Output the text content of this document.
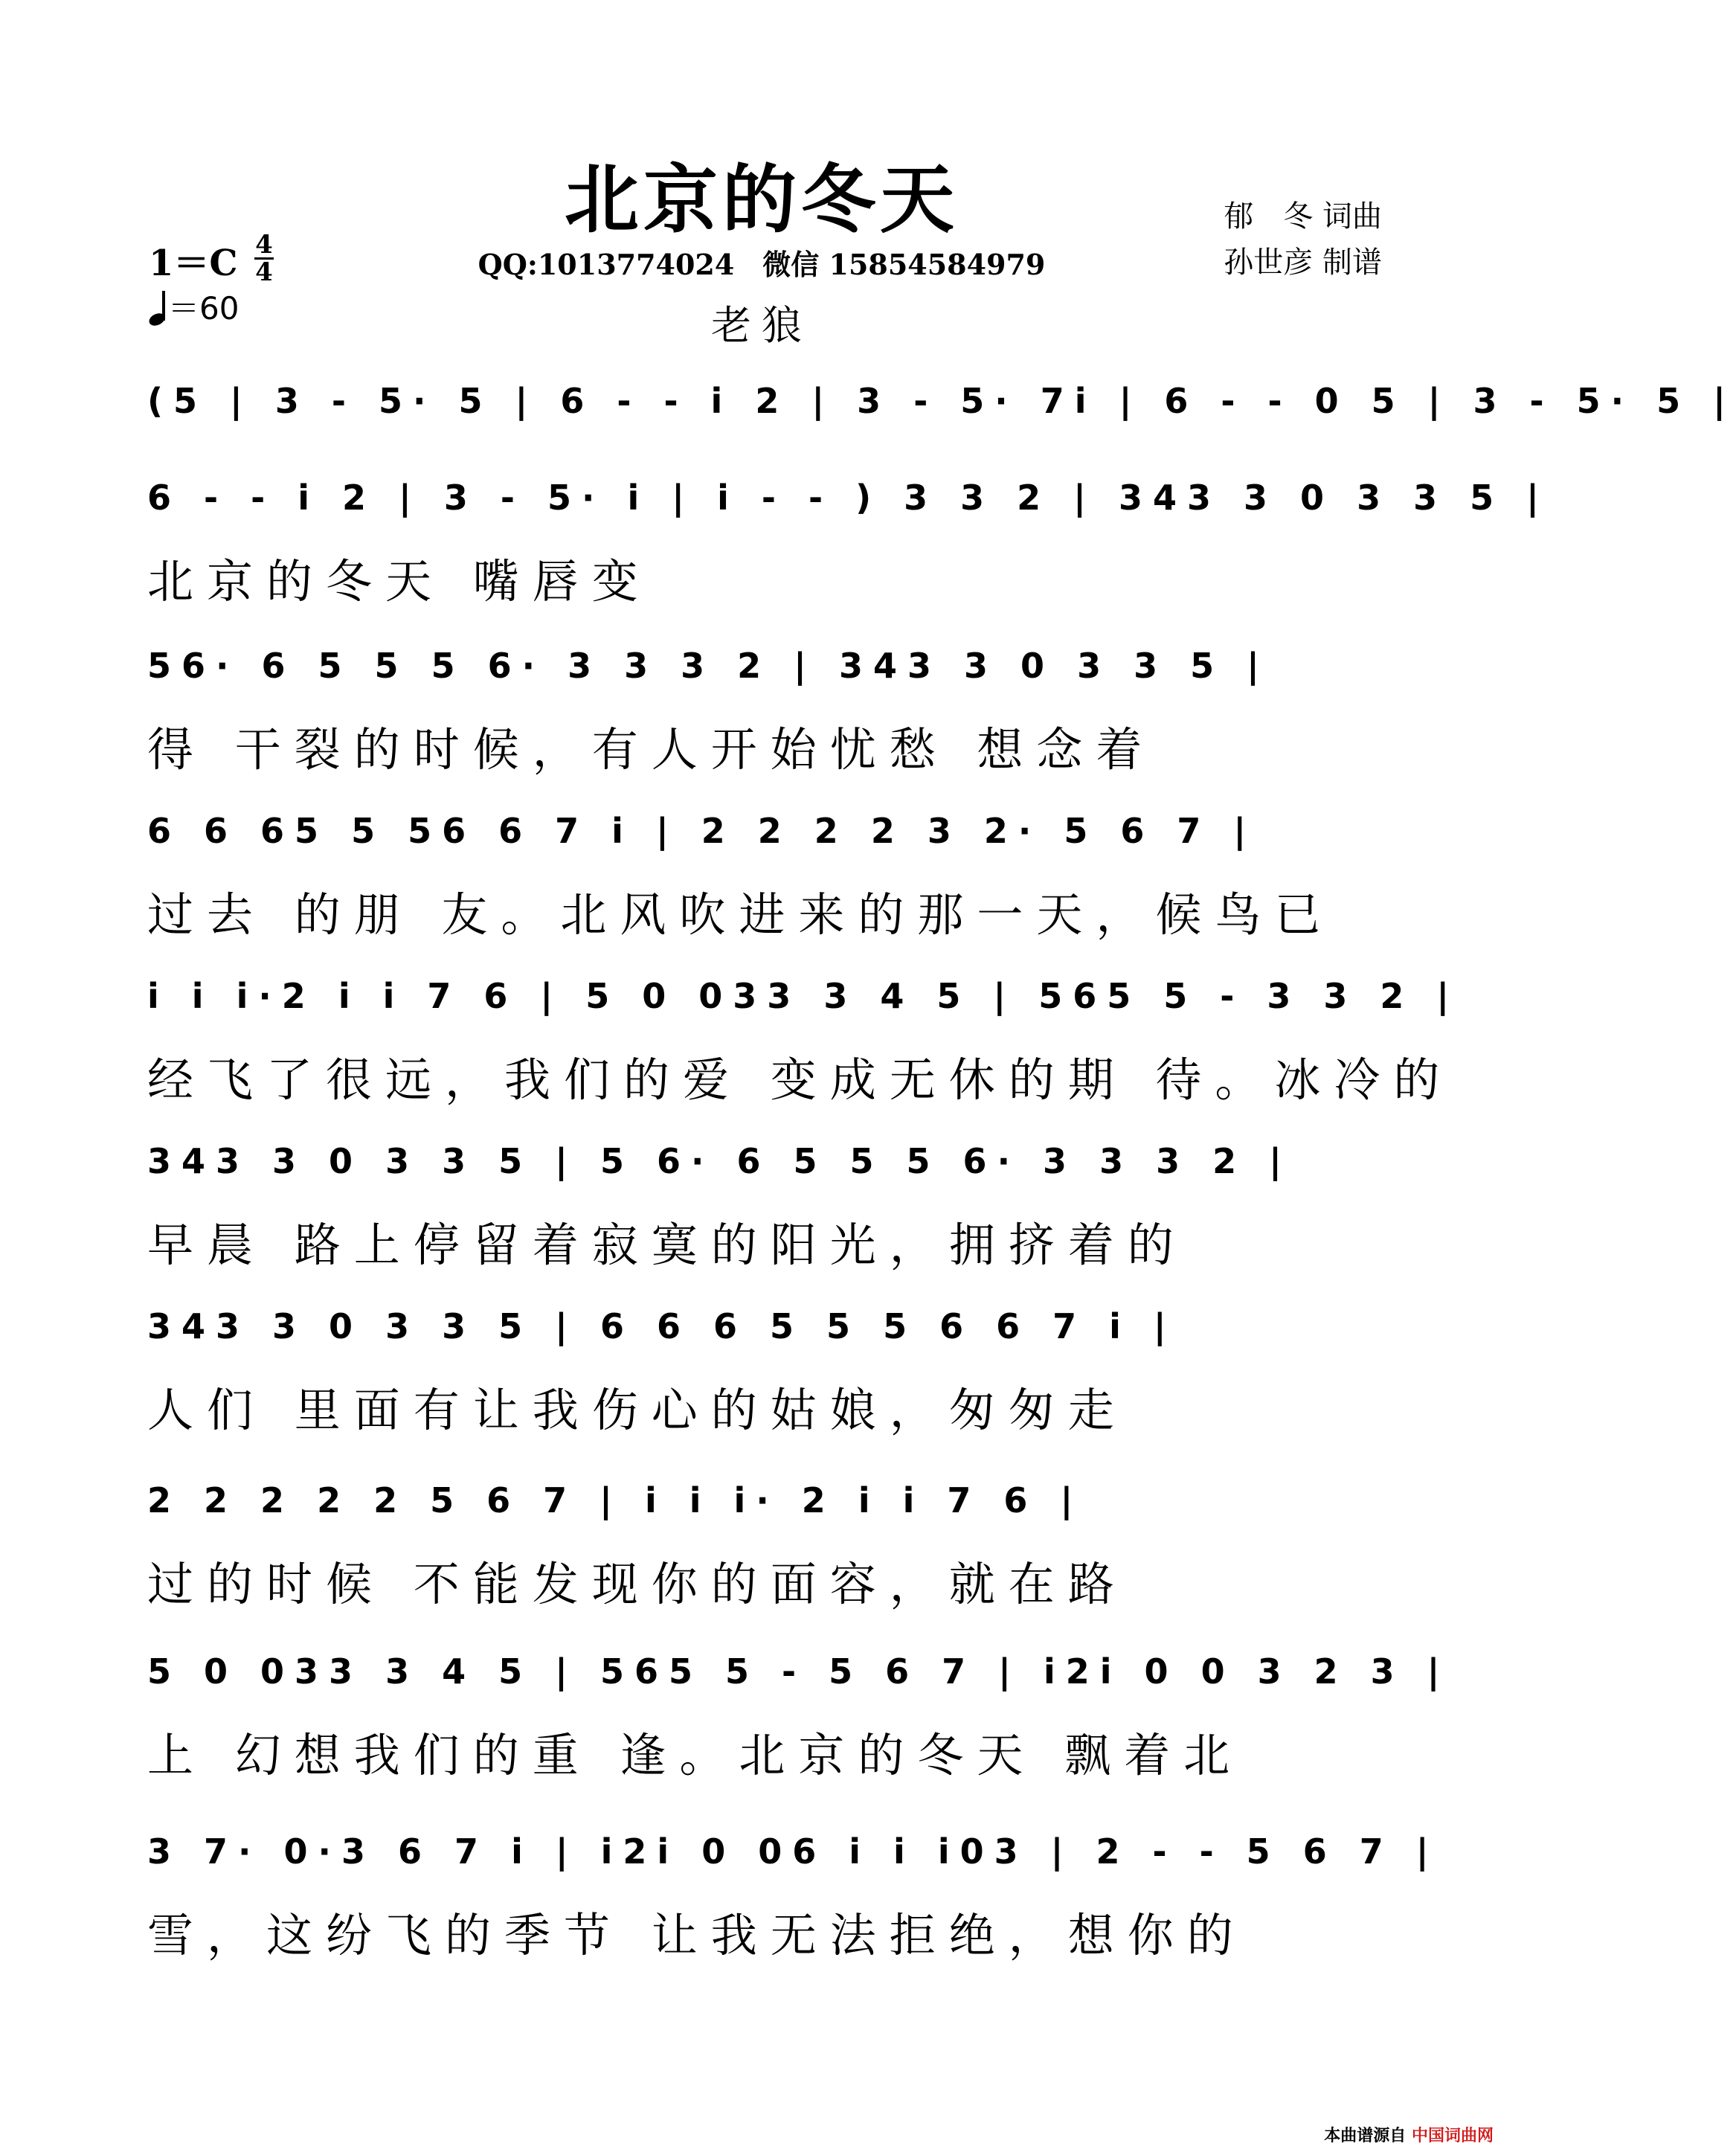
北京的冬天	郁　冬 词曲
孙世彦 制谱
1＝C 4
4
＝60
QQ:1013774024　微信 15854584979
老狼
(5 | 3 - 5· 5 | 6 - - i 2 | 3 - 5· 7i | 6 - - 0 5 | 3 - 5· 5 |
6 - - i 2 | 3 - 5· i | i - - ) 3 3 2 | 343 3 0 3 3 5 |
北京的冬天 嘴唇变
56· 6 5 5 5 6· 3 3 3 2 | 343 3 0 3 3 5 |
得 干裂的时候，有人开始忧愁 想念着
6 6 65 5 56 6 7 i | 2 2 2 2 3 2· 5 6 7 |
过去 的朋 友。北风吹进来的那一天，候鸟已
i i i·2 i i 7 6 | 5 0 033 3 4 5 | 565 5 - 3 3 2 |
经飞了很远，我们的爱 变成无休的期 待。冰冷的
343 3 0 3 3 5 | 5 6· 6 5 5 5 6· 3 3 3 2 |
早晨 路上停留着寂寞的阳光，拥挤着的
343 3 0 3 3 5 | 6 6 6 5 5 5 6 6 7 i |
人们 里面有让我伤心的姑娘，匆匆走
2 2 2 2 2 5 6 7 | i i i· 2 i i 7 6 |
过的时候 不能发现你的面容，就在路
5 0 033 3 4 5 | 565 5 - 5 6 7 | i2i 0 0 3 2 3 |
上 幻想我们的重 逢。北京的冬天 飘着北
3 7· 0·3 6 7 i | i2i 0 06 i i i03 | 2 - - 5 6 7 |
雪，这纷飞的季节 让我无法拒绝，想你的
本曲谱源自 中国词曲网
